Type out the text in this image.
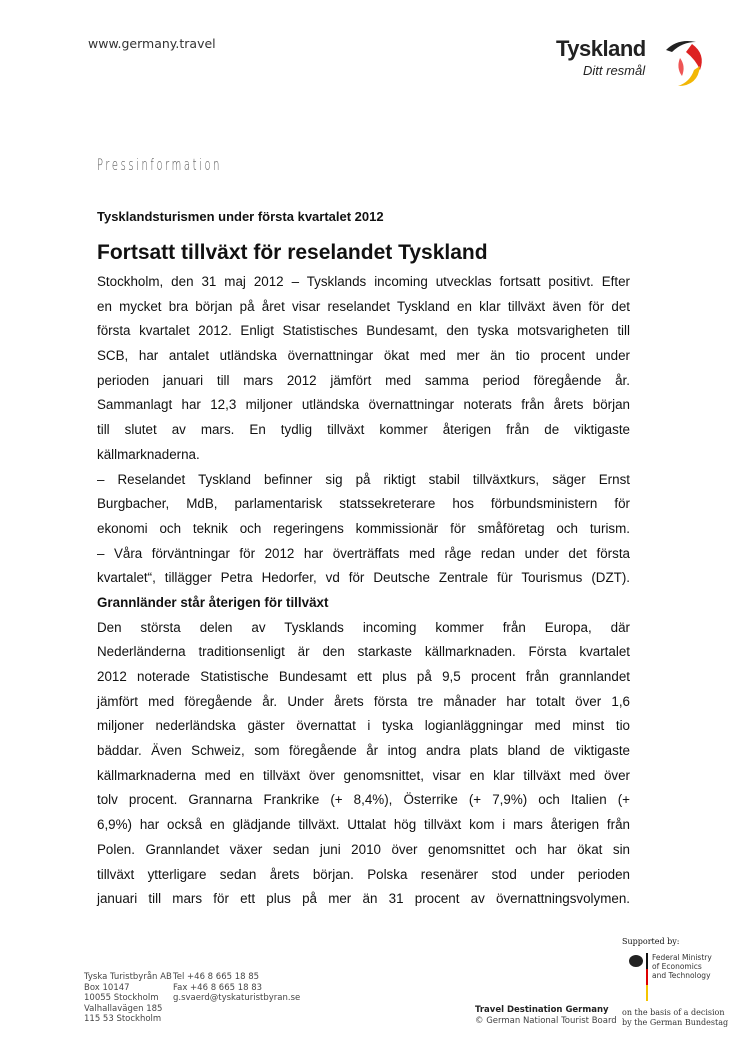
www.germany.travel	Tyskland
Ditt resmål
Pressinformation
Tysklandsturismen under första kvartalet 2012
Fortsatt tillväxt för reselandet Tyskland
Stockholm, den 31 maj 2012 – Tysklands incoming utvecklas fortsatt positivt. Efter
en mycket bra början på året visar reselandet Tyskland en klar tillväxt även för det
första kvartalet 2012. Enligt Statistisches Bundesamt, den tyska motsvarigheten till
SCB, har antalet utländska övernattningar ökat med mer än tio procent under
perioden januari till mars 2012 jämfört med samma period föregående år.
Sammanlagt har 12,3 miljoner utländska övernattningar noterats från årets början
till slutet av mars. En tydlig tillväxt kommer återigen från de viktigaste
källmarknaderna.
– Reselandet Tyskland befinner sig på riktigt stabil tillväxtkurs, säger Ernst
Burgbacher, MdB, parlamentarisk statssekreterare hos förbundsministern för
ekonomi och teknik och regeringens kommissionär för småföretag och turism.
– Våra förväntningar för 2012 har överträffats med råge redan under det första
kvartalet“, tillägger Petra Hedorfer, vd för Deutsche Zentrale für Tourismus (DZT).
Grannländer står återigen för tillväxt
Den största delen av Tysklands incoming kommer från Europa, där
Nederländerna traditionsenligt är den starkaste källmarknaden. Första kvartalet
2012 noterade Statistische Bundesamt ett plus på 9,5 procent från grannlandet
jämfört med föregående år. Under årets första tre månader har totalt över 1,6
miljoner nederländska gäster övernattat i tyska logianläggningar med minst tio
bäddar. Även Schweiz, som föregående år intog andra plats bland de viktigaste
källmarknaderna med en tillväxt över genomsnittet, visar en klar tillväxt med över
tolv procent. Grannarna Frankrike (+ 8,4%), Österrike (+ 7,9%) och Italien (+
6,9%) har också en glädjande tillväxt. Uttalat hög tillväxt kom i mars återigen från
Polen. Grannlandet växer sedan juni 2010 över genomsnittet och har ökat sin
tillväxt ytterligare sedan årets början. Polska resenärer stod under perioden
januari till mars för ett plus på mer än 31 procent av övernattningsvolymen.
Tyska Turistbyrån AB
Box 10147
10055 Stockholm
Valhallavägen 185
115 53 Stockholm
Tel +46 8 665 18 85
Fax +46 8 665 18 83
g.svaerd@tyskaturistbyran.se
Travel Destination Germany
© German National Tourist Board
Supported by:
Federal Ministry
of Economics
and Technology
on the basis of a decision
by the German Bundestag
